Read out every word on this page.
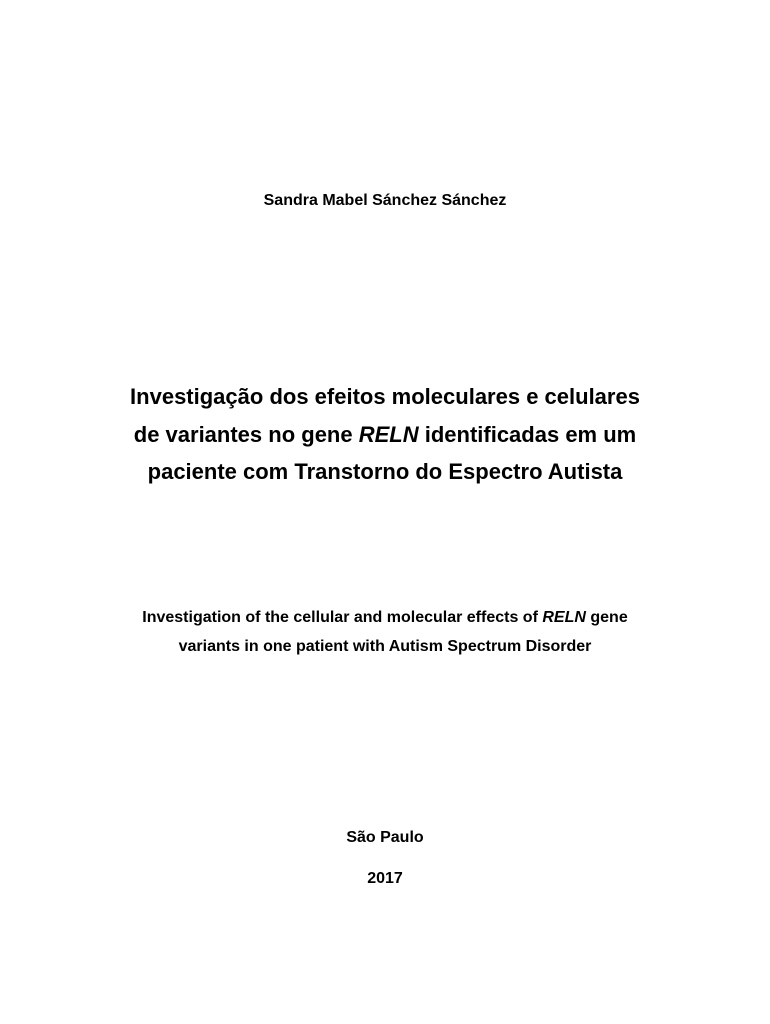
Sandra Mabel Sánchez Sánchez

Investigação dos efeitos moleculares e celulares

de variantes no gene RELN identificadas em um

paciente com Transtorno do Espectro Autista

Investigation of the cellular and molecular effects of RELN gene

variants in one patient with Autism Spectrum Disorder

São Paulo

2017
